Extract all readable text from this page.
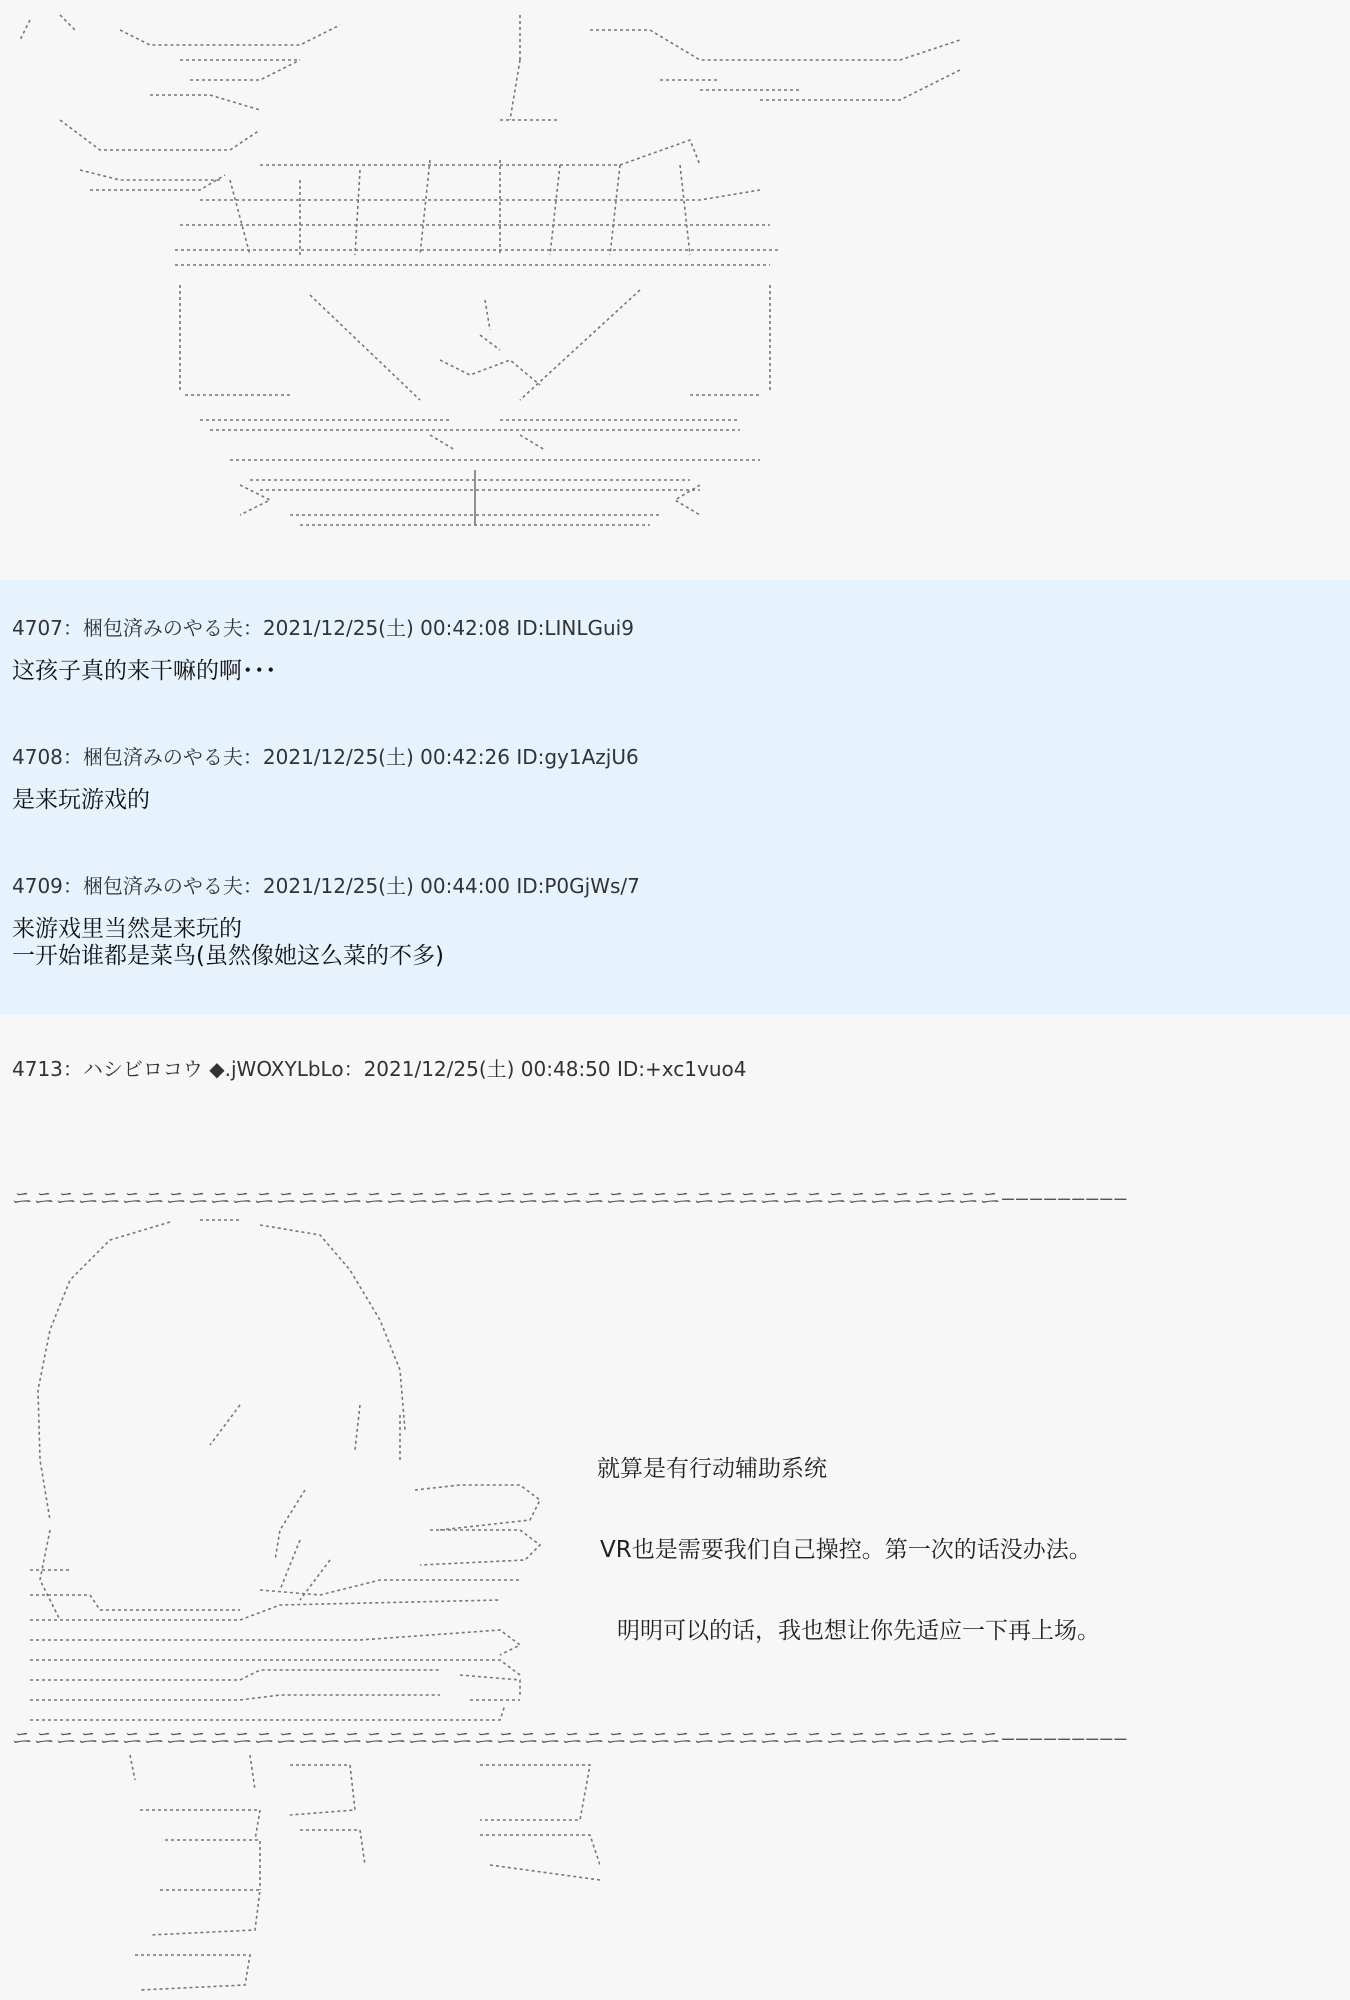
4707：梱包済みのやる夫：2021/12/25(土) 00:42:08 ID:LINLGui9
这孩子真的来干嘛的啊･･･
4708：梱包済みのやる夫：2021/12/25(土) 00:42:26 ID:gy1AzjU6
是来玩游戏的
4709：梱包済みのやる夫：2021/12/25(土) 00:44:00 ID:P0GjWs/7
来游戏里当然是来玩的
一开始谁都是菜鸟(虽然像她这么菜的不多)
4713：ハシビロコウ ◆.jWOXYLbLo：2021/12/25(土) 00:48:50 ID:+xc1vuo4
ニニニニニニニニニニニニニニニニニニニニニニニニニニニニニニニニニニニニニニニニニニニニニ―――――――――
ニニニニニニニニニニニニニニニニニニニニニニニニニニニニニニニニニニニニニニニニニニニニニ―――――――――
就算是有行动辅助系统
VR也是需要我们自己操控。第一次的话没办法。
明明可以的话，我也想让你先适应一下再上场。
